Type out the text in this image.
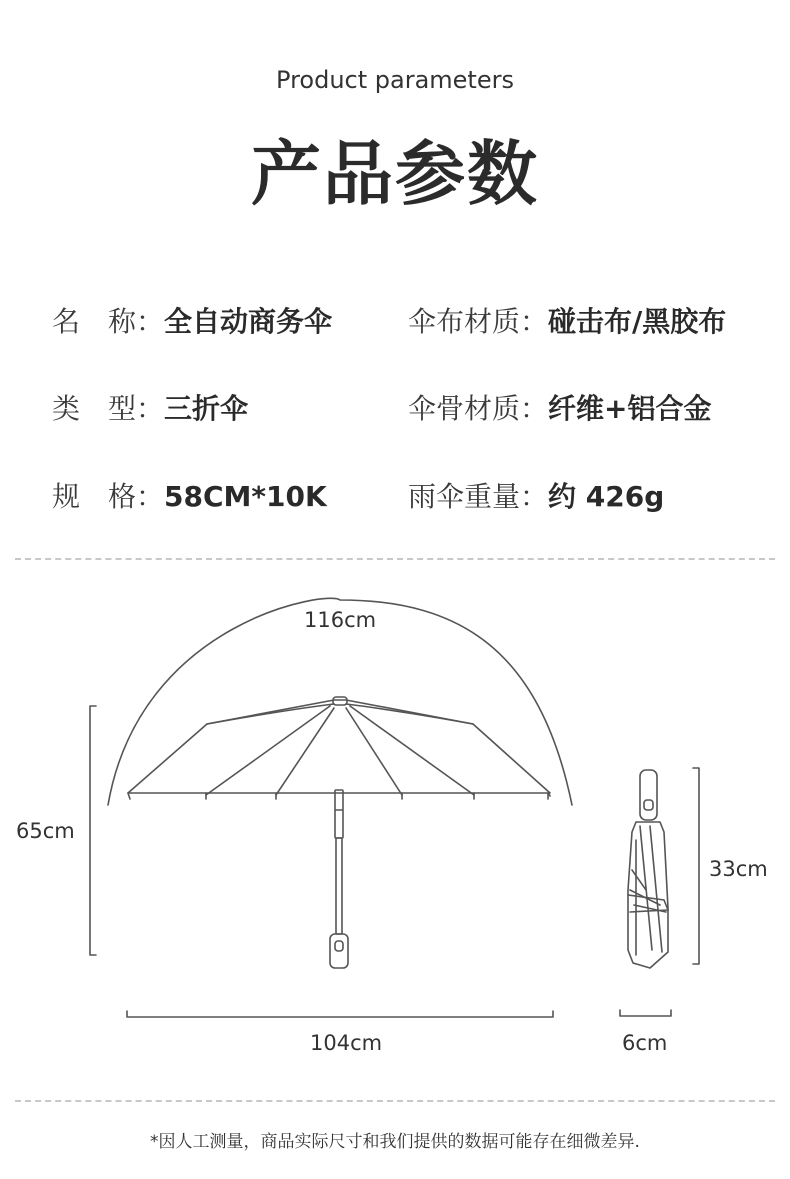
Product parameters
产品参数
名　称：全自动商务伞	伞布材质：碰击布/黑胶布
类　型：三折伞	伞骨材质：纤维+铝合金
规　格：58CM*10K	雨伞重量：约 426g
116cm
65cm
104cm
33cm
6cm
*因人工测量，商品实际尺寸和我们提供的数据可能存在细微差异.
